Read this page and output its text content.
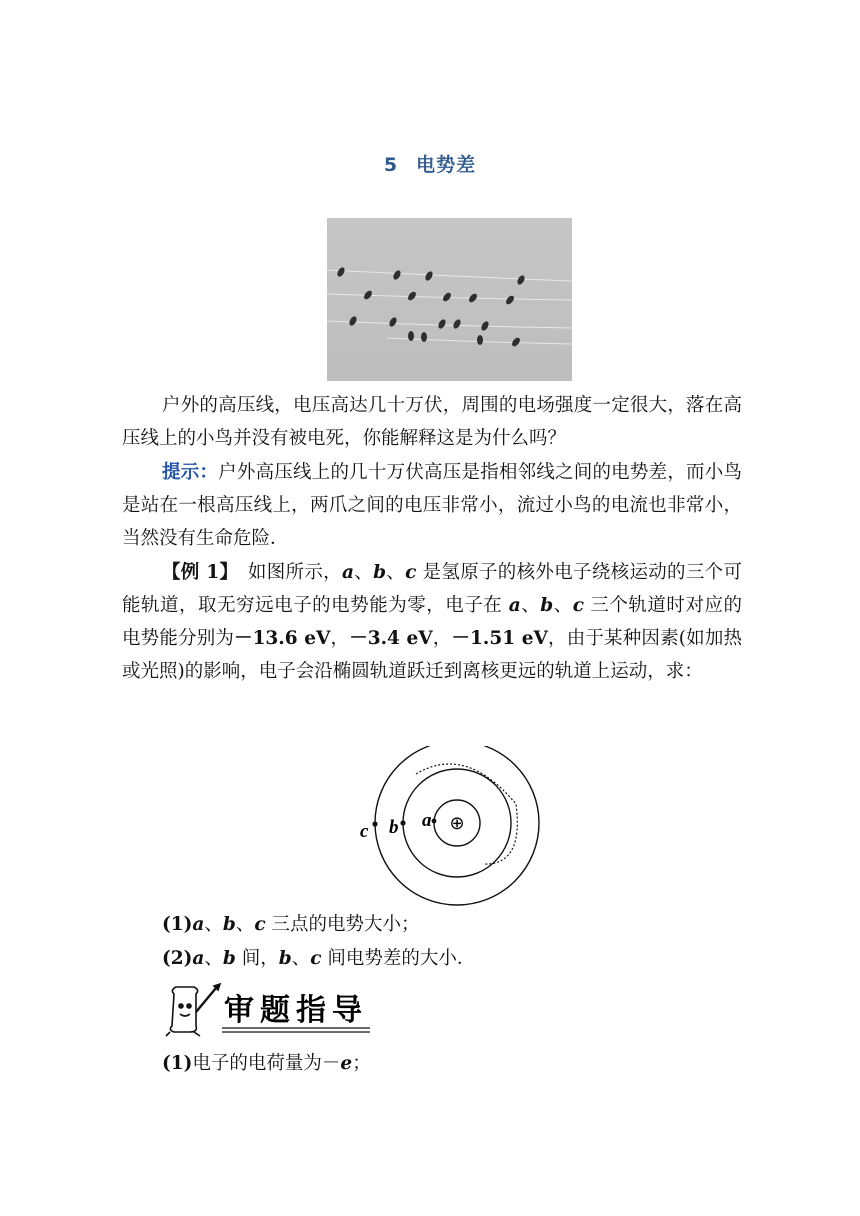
5 电势差
户外的高压线，电压高达几十万伏，周围的电场强度一定很大，落在高压线上的小鸟并没有被电死，你能解释这是为什么吗？
提示：户外高压线上的几十万伏高压是指相邻线之间的电势差，而小鸟是站在一根高压线上，两爪之间的电压非常小，流过小鸟的电流也非常小，当然没有生命危险．
【例 1】　如图所示，a、b、c 是氢原子的核外电子绕核运动的三个可能轨道，取无穷远电子的电势能为零，电子在 a、b、c 三个轨道时对应的电势能分别为－13.6 eV，－3.4 eV，－1.51 eV，由于某种因素(如加热或光照)的影响，电子会沿椭圆轨道跃迁到离核更远的轨道上运动，求：
⊕
a
b
c
(1)a、b、c 三点的电势大小；
(2)a、b 间，b、c 间电势差的大小．
审题指导
(1)电子的电荷量为－e；
